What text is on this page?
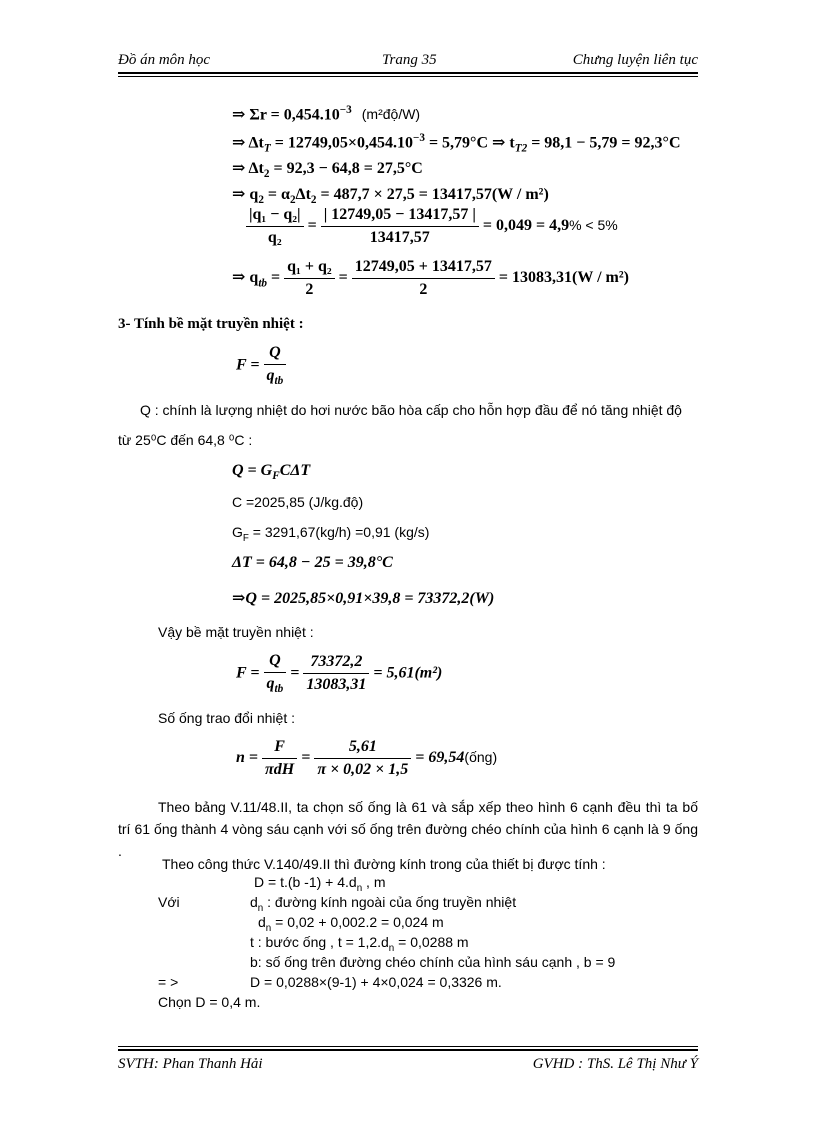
Đồ án môn học	Trang 35	Chưng luyện liên tục
⇒ $\Sigma r = 0,454.10^{-3}$ (m²độ/W)
⇒ $\Delta t_T = 12749,05\times 0,454.10^{-3} = 5,79^\circ C$ ⇒ $t_{T2} = 98,1 - 5,79 = 92,3^\circ C$
⇒ $\Delta t_2 = 92,3 - 64,8 = 27,5^\circ C$
⇒ $q_2 = \alpha_2\Delta t_2 = 487,7 \times 27,5 = 13417,57(W / m^2)$
$\frac{\text{|q₁ − q₂|}}{\text{q₂}} = \frac{| 12749,05 - 13417,57 |}{13417,57} = 0,049 = 4,9\% < 5\%$
⇒ $q_{tb} = \frac{\text{q₁ + q₂}}{2} = \frac{12749,05 + 13417,57}{2} = 13083,31(W / m^2)$
3- Tính bề mặt truyền nhiệt :
$F = \frac{Q}{q_{tb}}$
Q : chính là lượng nhiệt do hơi nước bão hòa cấp cho hỗn hợp đầu để nó tăng nhiệt độ
từ 25⁰C đến 64,8 ⁰C :
$Q = G_FC\Delta T$
C =2025,85 (J/kg.độ)
$G_F = 3291,67(kg/h) =0,91$ (kg/s)
ΔT = 64,8 − 25 = 39,8°C
⇒Q = 2025,85×0,91×39,8 = 73372,2(W)
Vậy bề mặt truyền nhiệt :
$F = \frac{Q}{q_{tb}} = \frac{73372,2}{13083,31} = 5,61(m^2)$
Số ống trao đổi nhiệt :
$n = \frac{F}{\text{πdH}} = \frac{5,61}{\pi \times 0,02 \times 1,5}$ = 69,54(ống)
Theo bảng V.11/48.II, ta chọn số ống là 61 và sắp xếp theo hình 6 cạnh đều thì ta bố trí 61 ống thành 4 vòng sáu cạnh với số ống trên đường chéo chính của hình 6 cạnh là 9 ống .
Theo công thức V.140/49.II thì đường kính trong của thiết bị được tính :
D = t.(b $-1) + 4.d_n$ , m
Với	$d_n$ : đường kính ngoài của ống truyền nhiệt
$d_n = 0,02 + 0,002.2 = 0,024$ m
t : bước ống , $t = 1,2.d_n = 0,0288$ m
b: số ống trên đường chéo chính của hình sáu cạnh , b = 9
= >	D = 0,0288×(9-1) + 4×0,024 = 0,3326 m.
Chọn D = 0,4 m.
SVTH: Phan Thanh Hải	GVHD : ThS. Lê Thị Như Ý
